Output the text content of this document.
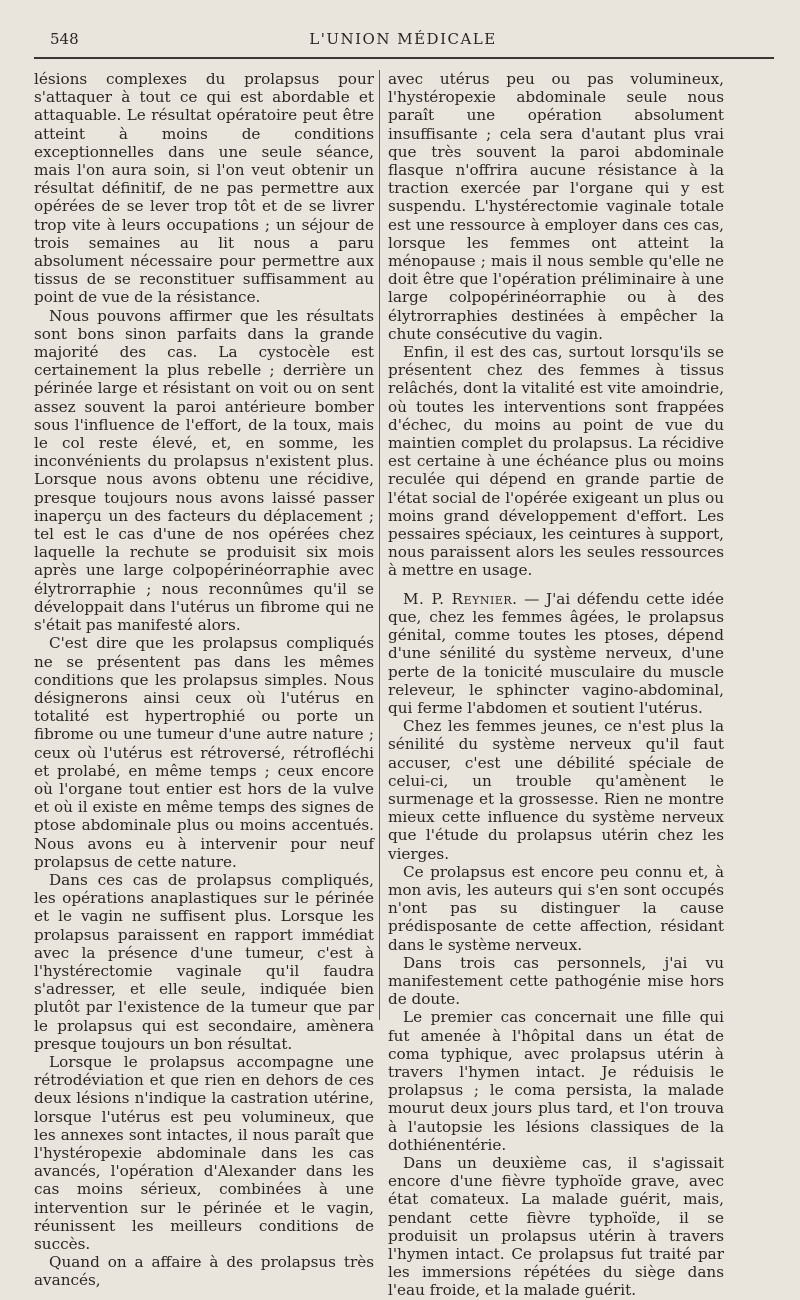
548	L'UNION MÉDICALE

lésions complexes du prolapsus pour s'attaquer à tout ce qui est abordable et attaquable. Le résultat opératoire peut être atteint à moins de conditions exceptionnelles dans une seule séance, mais l'on aura soin, si l'on veut obtenir un résultat définitif, de ne pas permettre aux opérées de se lever trop tôt et de se livrer trop vite à leurs occupations ; un séjour de trois semaines au lit nous a paru absolument nécessaire pour permettre aux tissus de se reconstituer suffisamment au point de vue de la résistance.

Nous pouvons affirmer que les résultats sont bons sinon parfaits dans la grande majorité des cas. La cystocèle est certainement la plus rebelle ; derrière un périnée large et résistant on voit ou on sent assez souvent la paroi antérieure bomber sous l'influence de l'effort, de la toux, mais le col reste élevé, et, en somme, les inconvénients du prolapsus n'existent plus. Lorsque nous avons obtenu une récidive, presque toujours nous avons laissé passer inaperçu un des facteurs du déplacement ; tel est le cas d'une de nos opérées chez laquelle la rechute se produisit six mois après une large colpopérinéorraphie avec élytrorraphie ; nous reconnûmes qu'il se développait dans l'utérus un fibrome qui ne s'était pas manifesté alors.

C'est dire que les prolapsus compliqués ne se présentent pas dans les mêmes conditions que les prolapsus simples. Nous désignerons ainsi ceux où l'utérus en totalité est hypertrophié ou porte un fibrome ou une tumeur d'une autre nature ; ceux où l'utérus est rétroversé, rétrofléchi et prolabé, en même temps ; ceux encore où l'organe tout entier est hors de la vulve et où il existe en même temps des signes de ptose abdominale plus ou moins accentués. Nous avons eu à intervenir pour neuf prolapsus de cette nature.

Dans ces cas de prolapsus compliqués, les opérations anaplastiques sur le périnée et le vagin ne suffisent plus. Lorsque les prolapsus paraissent en rapport immédiat avec la présence d'une tumeur, c'est à l'hystérectomie vaginale qu'il faudra s'adresser, et elle seule, indiquée bien plutôt par l'existence de la tumeur que par le prolapsus qui est secondaire, amènera presque toujours un bon résultat.

Lorsque le prolapsus accompagne une rétrodéviation et que rien en dehors de ces deux lésions n'indique la castration utérine, lorsque l'utérus est peu volumineux, que les annexes sont intactes, il nous paraît que l'hystéropexie abdominale dans les cas avancés, l'opération d'Alexander dans les cas moins sérieux, combinées à une intervention sur le périnée et le vagin, réunissent les meilleurs conditions de succès.

Quand on a affaire à des prolapsus très avancés,

avec utérus peu ou pas volumineux, l'hystéropexie abdominale seule nous paraît une opération absolument insuffisante ; cela sera d'autant plus vrai que très souvent la paroi abdominale flasque n'offrira aucune résistance à la traction exercée par l'organe qui y est suspendu. L'hystérectomie vaginale totale est une ressource à employer dans ces cas, lorsque les femmes ont atteint la ménopause ; mais il nous semble qu'elle ne doit être que l'opération préliminaire à une large colpopérinéorraphie ou à des élytrorraphies destinées à empêcher la chute consécutive du vagin.

Enfin, il est des cas, surtout lorsqu'ils se présentent chez des femmes à tissus relâchés, dont la vitalité est vite amoindrie, où toutes les interventions sont frappées d'échec, du moins au point de vue du maintien complet du prolapsus. La récidive est certaine à une échéance plus ou moins reculée qui dépend en grande partie de l'état social de l'opérée exigeant un plus ou moins grand développement d'effort. Les pessaires spéciaux, les ceintures à support, nous paraissent alors les seules ressources à mettre en usage.

M. P. Reynier. — J'ai défendu cette idée que, chez les femmes âgées, le prolapsus génital, comme toutes les ptoses, dépend d'une sénilité du système nerveux, d'une perte de la tonicité musculaire du muscle releveur, le sphincter vagino-abdominal, qui ferme l'abdomen et soutient l'utérus.

Chez les femmes jeunes, ce n'est plus la sénilité du système nerveux qu'il faut accuser, c'est une débilité spéciale de celui-ci, un trouble qu'amènent le surmenage et la grossesse. Rien ne montre mieux cette influence du système nerveux que l'étude du prolapsus utérin chez les vierges.

Ce prolapsus est encore peu connu et, à mon avis, les auteurs qui s'en sont occupés n'ont pas su distinguer la cause prédisposante de cette affection, résidant dans le système nerveux.

Dans trois cas personnels, j'ai vu manifestement cette pathogénie mise hors de doute.

Le premier cas concernait une fille qui fut amenée à l'hôpital dans un état de coma typhique, avec prolapsus utérin à travers l'hymen intact. Je réduisis le prolapsus ; le coma persista, la malade mourut deux jours plus tard, et l'on trouva à l'autopsie les lésions classiques de la dothiénentérie.

Dans un deuxième cas, il s'agissait encore d'une fièvre typhoïde grave, avec état comateux. La malade guérit, mais, pendant cette fièvre typhoïde, il se produisit un prolapsus utérin à travers l'hymen intact. Ce prolapsus fut traité par les immersions répétées du siège dans l'eau froide, et la malade guérit.
